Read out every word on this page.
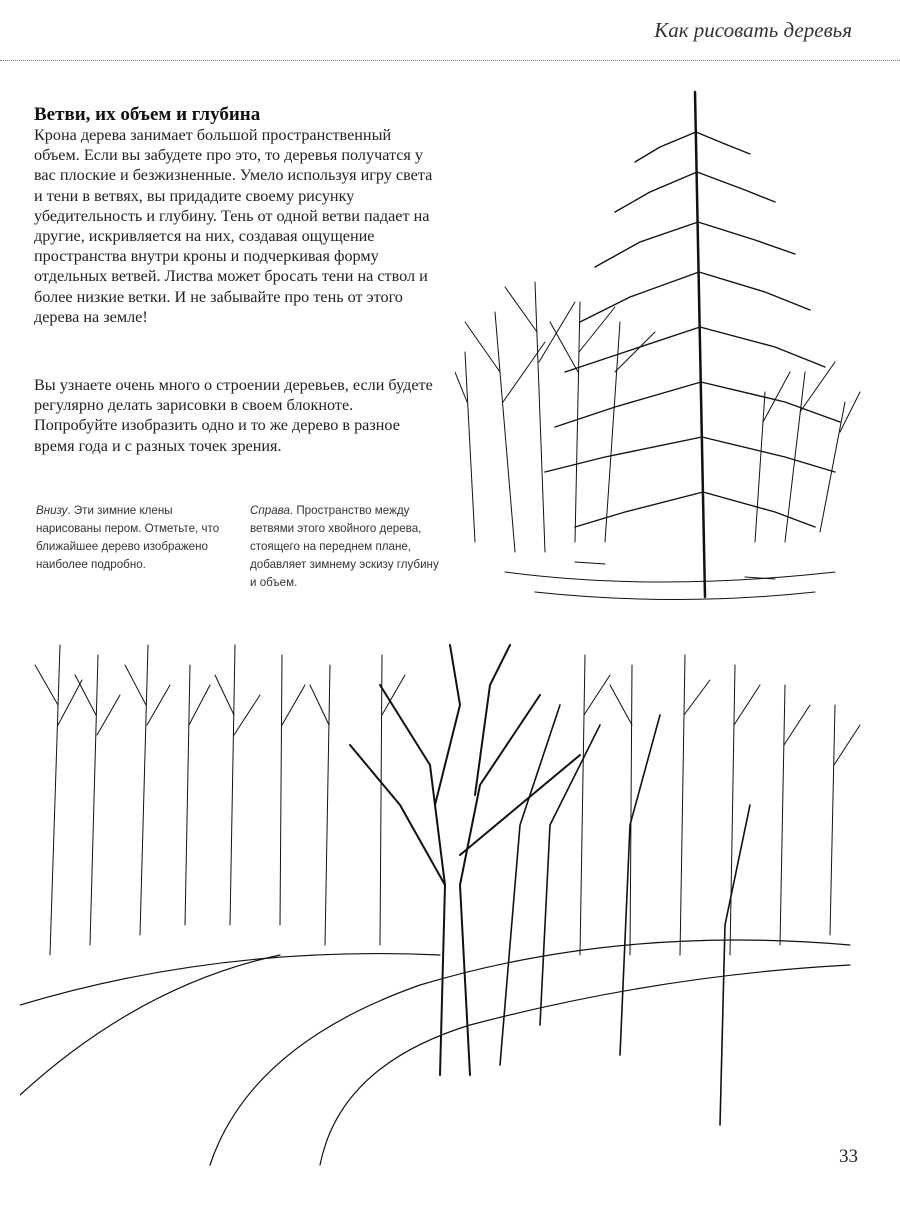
Как рисовать деревья
Ветви, их объем и глубина

Крона дерева занимает большой пространственный объем. Если вы забудете про это, то деревья получатся у вас плоские и безжизненные. Умело используя игру света и тени в ветвях, вы придадите своему рисунку убедительность и глубину. Тень от одной ветви падает на другие, искривляется на них, создавая ощущение пространства внутри кроны и подчеркивая форму отдельных ветвей. Листва может бросать тени на ствол и более низкие ветки. И не забывайте про тень от этого дерева на земле!

Вы узнаете очень много о строении деревьев, если будете регулярно делать зарисовки в своем блокноте. Попробуйте изобразить одно и то же дерево в разное время года и с разных точек зрения.

Внизу. Эти зимние клены нарисованы пером. Отметьте, что ближайшее дерево изображено наиболее подробно.

Справа. Пространство между ветвями этого хвойного дерева, стоящего на переднем плане, добавляет зимнему эскизу глубину и объем.

33
